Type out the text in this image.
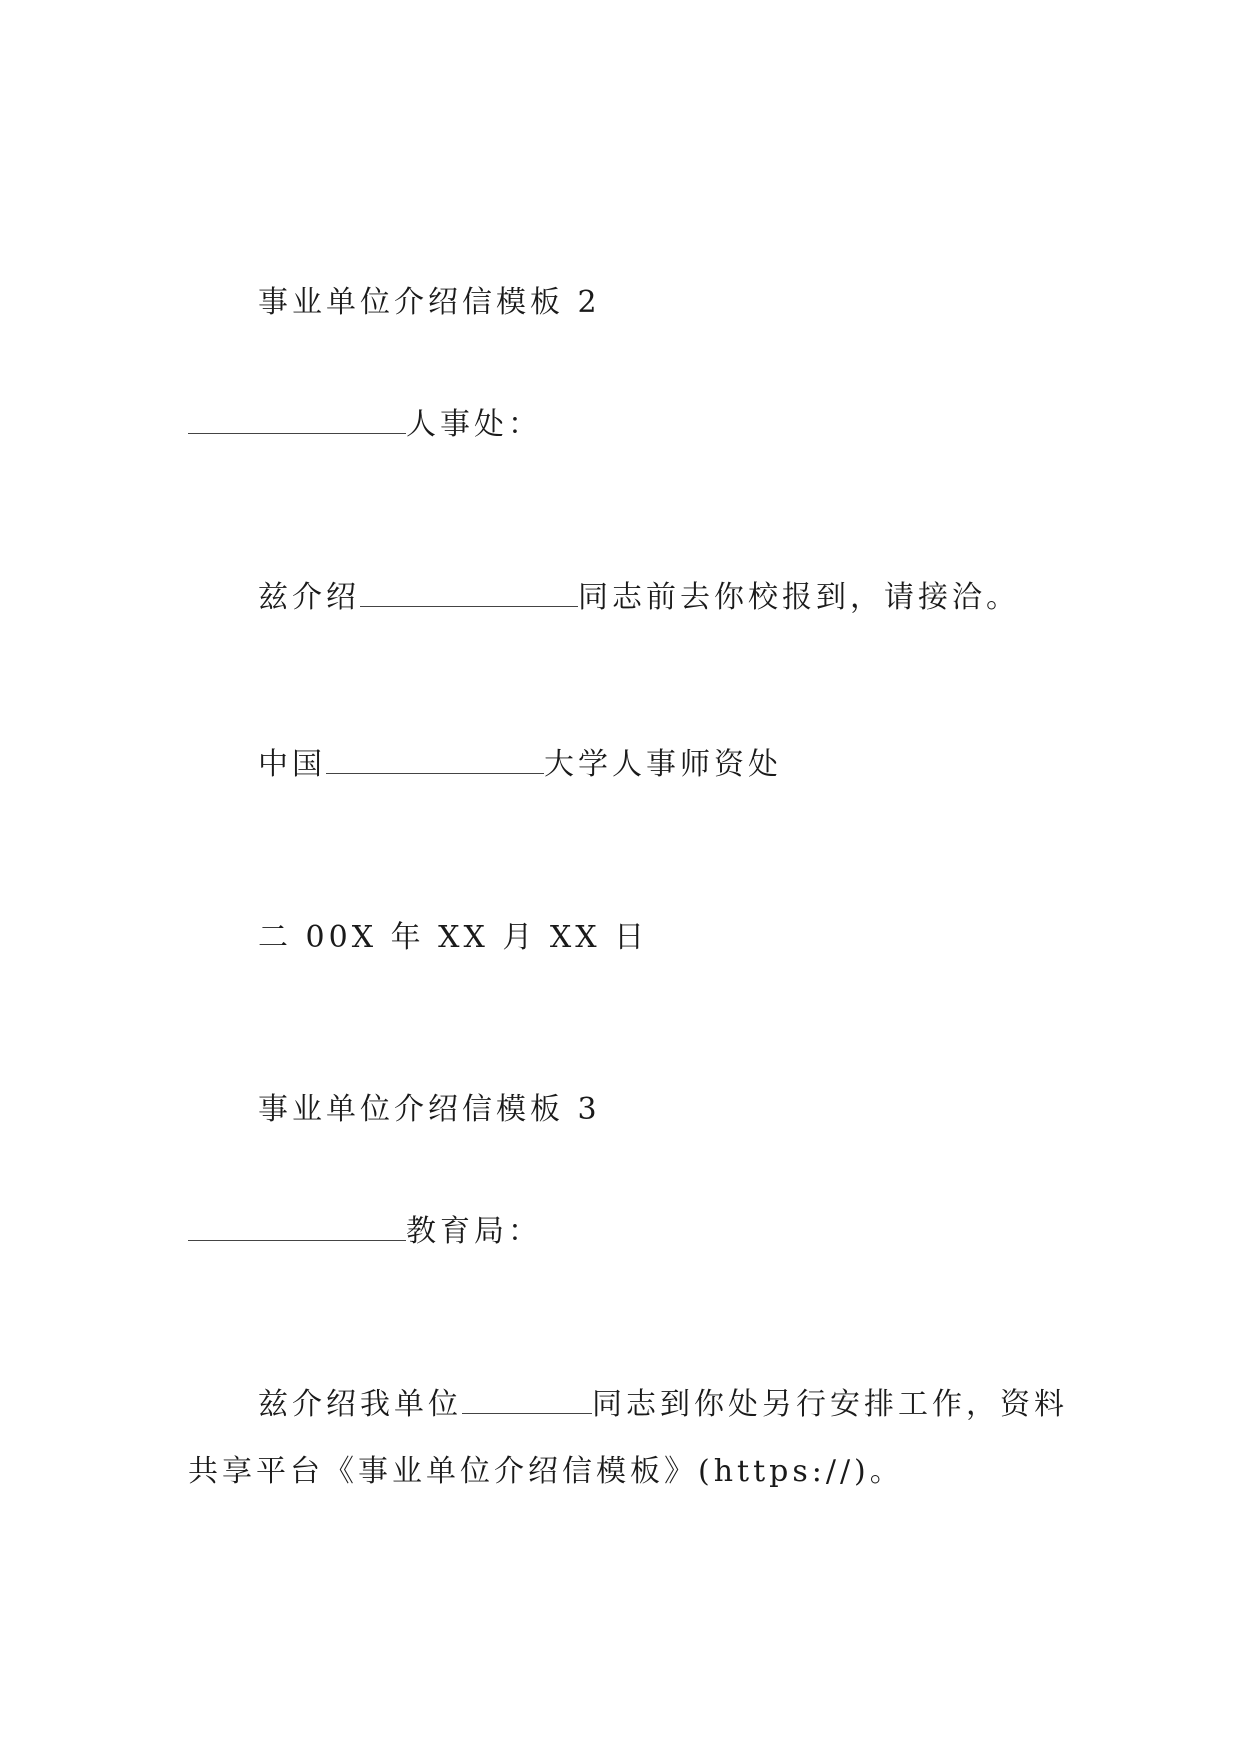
事业单位介绍信模板 2
人事处：
兹介绍	同志前去你校报到，请接洽。
中国	大学人事师资处
二 00X 年 XX 月 XX 日
事业单位介绍信模板 3
教育局：
兹介绍我单位	同志到你处另行安排工作，资料
共享平台《事业单位介绍信模板》(https://)。
